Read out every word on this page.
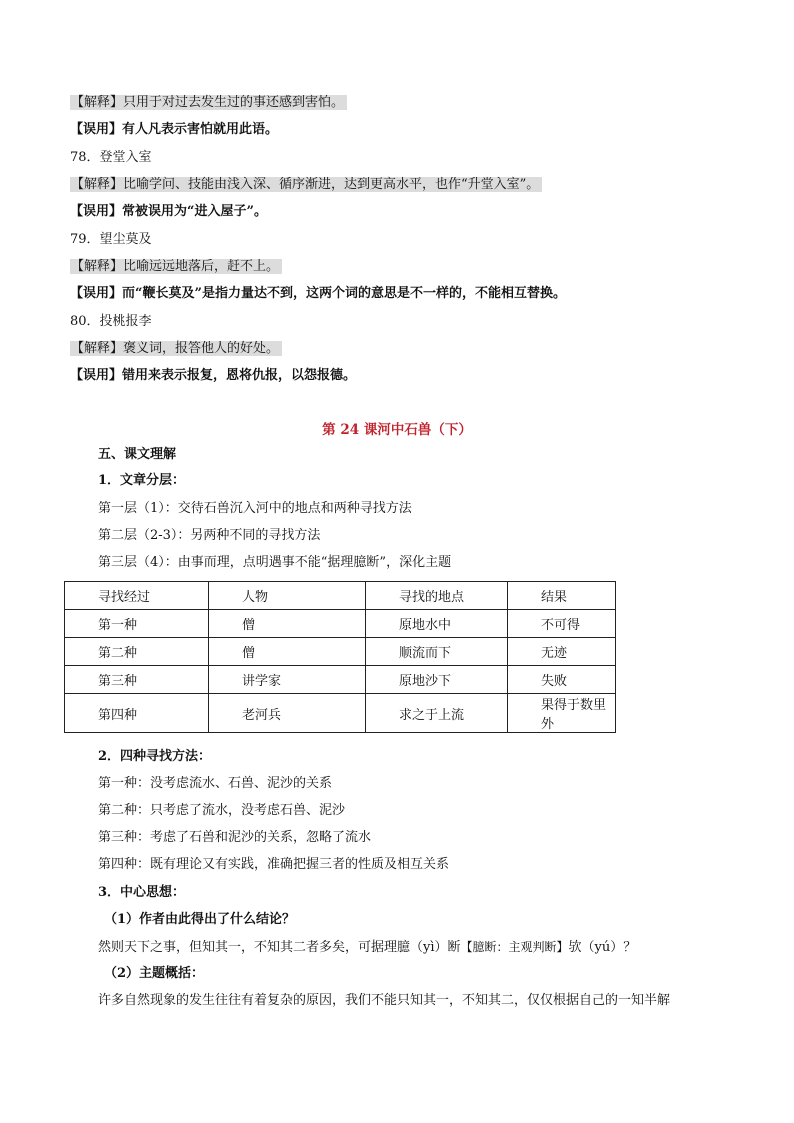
【解释】只用于对过去发生过的事还感到害怕。
【误用】有人凡表示害怕就用此语。
78．登堂入室
【解释】比喻学问、技能由浅入深、循序渐进，达到更高水平，也作“升堂入室”。
【误用】常被误用为“进入屋子”。
79．望尘莫及
【解释】比喻远远地落后，赶不上。
【误用】而“鞭长莫及”是指力量达不到，这两个词的意思是不一样的，不能相互替换。
80．投桃报李
【解释】褒义词，报答他人的好处。
【误用】错用来表示报复，恩将仇报，以怨报德。
第 24 课河中石兽（下）
五、课文理解
1．文章分层：
第一层（1）：交待石兽沉入河中的地点和两种寻找方法
第二层（2-3）：另两种不同的寻找方法
第三层（4）：由事而理，点明遇事不能“据理臆断”，深化主题
寻找经过	人物	寻找的地点	结果
第一种	僧	原地水中	不可得
第二种	僧	顺流而下	无迹
第三种	讲学家	原地沙下	失败
第四种	老河兵	求之于上流	果得于数里外
2．四种寻找方法：
第一种：没考虑流水、石兽、泥沙的关系
第二种：只考虑了流水，没考虑石兽、泥沙
第三种：考虑了石兽和泥沙的关系，忽略了流水
第四种：既有理论又有实践，准确把握三者的性质及相互关系
3．中心思想：
（1）作者由此得出了什么结论？
然则天下之事，但知其一，不知其二者多矣，可据理臆（yì）断【臆断：主观判断】欤（yú）？
（2）主题概括：
许多自然现象的发生往往有着复杂的原因，我们不能只知其一，不知其二，仅仅根据自己的一知半解
